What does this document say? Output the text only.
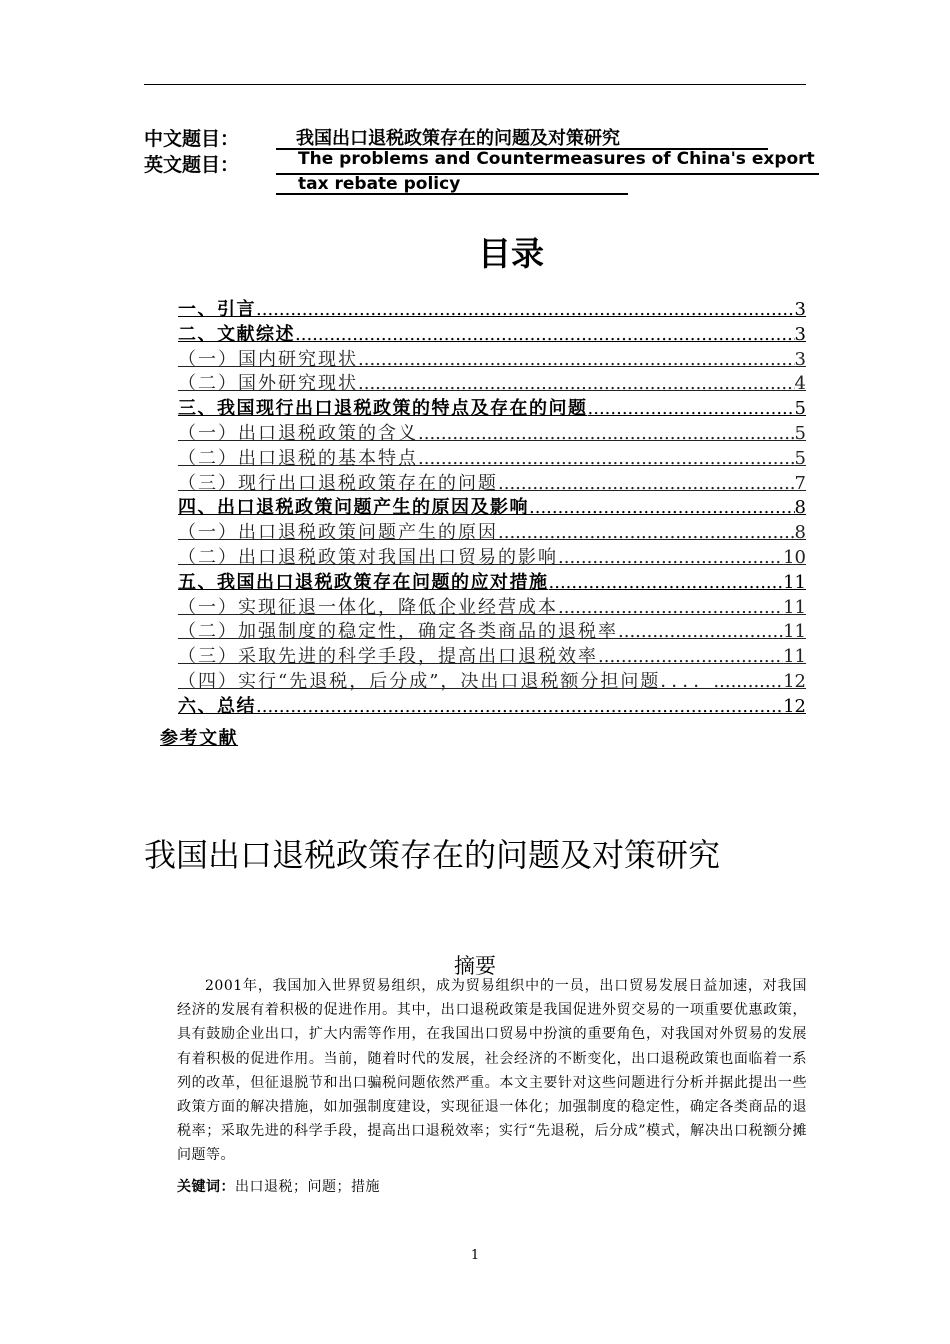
中文题目：	我国出口退税政策存在的问题及对策研究
英文题目：	The problems and Countermeasures of China's export
tax rebate policy
目录
一、引言 .....	3
二、文献综述 .....	3
（一）国内研究现状 .....	3
（二）国外研究现状 .....	4
三、我国现行出口退税政策的特点及存在的问题 .....	5
（一）出口退税政策的含义 .....	5
（二）出口退税的基本特点 .....	5
（三）现行出口退税政策存在的问题 .....	7
四、出口退税政策问题产生的原因及影响 .....	8
（一）出口退税政策问题产生的原因 .....	8
（二）出口退税政策对我国出口贸易的影响 .....	10
五、我国出口退税政策存在问题的应对措施 .....	11
（一）实现征退一体化，降低企业经营成本 .....	11
（二）加强制度的稳定性，确定各类商品的退税率 .....	11
（三）采取先进的科学手段，提高出口退税效率 .....	11
（四）实行“先退税，后分成”，决出口退税额分担问题．．．． .....	12
六、总结 .....	12
参考文献
我国出口退税政策存在的问题及对策研究
摘要
2001年，我国加入世界贸易组织，成为贸易组织中的一员，出口贸易发展日益加速，对我国经济的发展有着积极的促进作用。其中，出口退税政策是我国促进外贸交易的一项重要优惠政策，具有鼓励企业出口，扩大内需等作用，在我国出口贸易中扮演的重要角色，对我国对外贸易的发展有着积极的促进作用。当前，随着时代的发展，社会经济的不断变化，出口退税政策也面临着一系列的改革，但征退脱节和出口骗税问题依然严重。本文主要针对这些问题进行分析并据此提出一些政策方面的解决措施，如加强制度建设，实现征退一体化；加强制度的稳定性，确定各类商品的退税率；采取先进的科学手段，提高出口退税效率；实行“先退税，后分成”模式，解决出口税额分摊问题等。
关键词：出口退税；问题；措施
1
